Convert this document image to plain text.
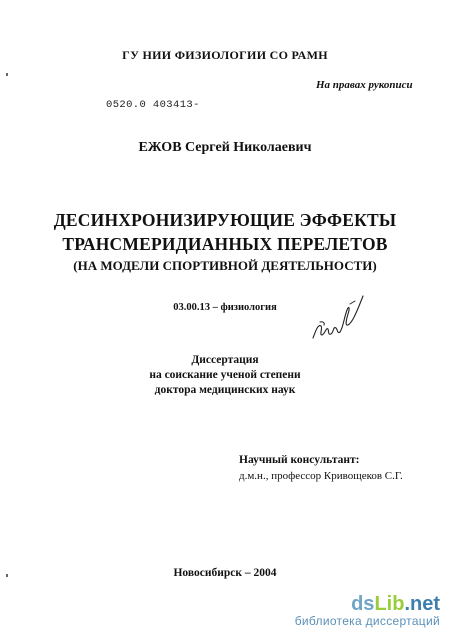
ГУ НИИ ФИЗИОЛОГИИ СО РАМН
На правах рукописи
0520.0 403413-
ЕЖОВ Сергей Николаевич
ДЕСИНХРОНИЗИРУЮЩИЕ ЭФФЕКТЫ
ТРАНСМЕРИДИАННЫХ ПЕРЕЛЕТОВ
(НА МОДЕЛИ СПОРТИВНОЙ ДЕЯТЕЛЬНОСТИ)
03.00.13 – физиология
Диссертация
на соискание ученой степени
доктора медицинских наук
Научный консультант:
д.м.н., профессор Кривощеков С.Г.
Новосибирск – 2004
dsLib.net
библиотека диссертаций
